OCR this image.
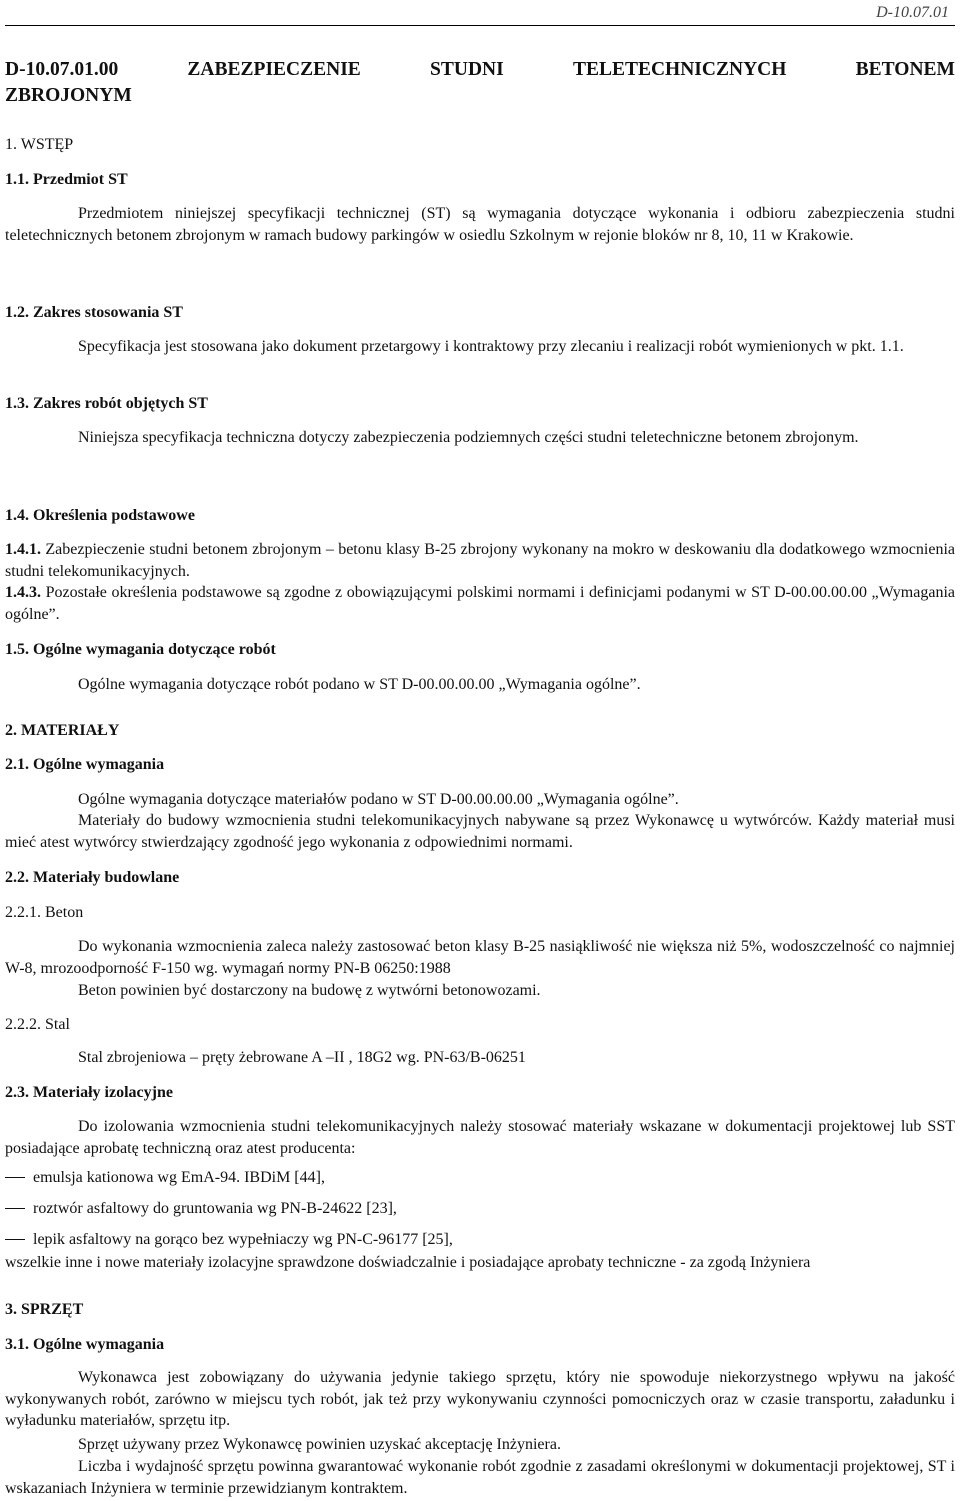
D-10.07.01
D-10.07.01.00	ZABEZPIECZENIE	STUDNI	TELETECHNICZNYCH	BETONEM
ZBROJONYM
1. WSTĘP
1.1. Przedmiot ST
Przedmiotem niniejszej specyfikacji technicznej (ST) są wymagania dotyczące wykonania i odbioru zabezpieczenia studni teletechnicznych betonem zbrojonym w ramach budowy parkingów w osiedlu Szkolnym w rejonie bloków nr 8, 10, 11 w Krakowie.
1.2. Zakres stosowania ST
Specyfikacja jest stosowana jako dokument przetargowy i kontraktowy przy zlecaniu i realizacji robót wymienionych w pkt. 1.1.
1.3. Zakres robót objętych ST
Niniejsza specyfikacja techniczna dotyczy zabezpieczenia podziemnych części studni teletechniczne betonem zbrojonym.
1.4. Określenia podstawowe
1.4.1. Zabezpieczenie studni betonem zbrojonym – betonu klasy B-25 zbrojony wykonany na mokro w deskowaniu dla dodatkowego wzmocnienia studni telekomunikacyjnych.
1.4.3. Pozostałe określenia podstawowe są zgodne z obowiązującymi polskimi normami i definicjami podanymi w ST D-00.00.00.00 „Wymagania ogólne”.
1.5. Ogólne wymagania dotyczące robót
Ogólne wymagania dotyczące robót podano w ST D-00.00.00.00 „Wymagania ogólne”.
2. MATERIAŁY
2.1. Ogólne wymagania
Ogólne wymagania dotyczące materiałów podano w ST D-00.00.00.00 „Wymagania ogólne”.
Materiały do budowy wzmocnienia studni telekomunikacyjnych nabywane są przez Wykonawcę u wytwórców. Każdy materiał musi mieć atest wytwórcy stwierdzający zgodność jego wykonania z odpowiednimi normami.
2.2. Materiały budowlane
2.2.1. Beton
Do wykonania wzmocnienia zaleca należy zastosować beton klasy B-25 nasiąkliwość nie większa niż 5%, wodoszczelność co najmniej W-8, mrozoodporność F-150 wg. wymagań normy PN-B 06250:1988
Beton powinien być dostarczony na budowę z wytwórni betonowozami.
2.2.2. Stal
Stal zbrojeniowa – pręty żebrowane A –II , 18G2 wg. PN-63/B-06251
2.3. Materiały izolacyjne
Do izolowania wzmocnienia studni telekomunikacyjnych należy stosować materiały wskazane w dokumentacji projektowej lub SST posiadające aprobatę techniczną oraz atest producenta:
emulsja kationowa wg EmA-94. IBDiM [44],
roztwór asfaltowy do gruntowania wg PN-B-24622 [23],
lepik asfaltowy na gorąco bez wypełniaczy wg PN-C-96177 [25],
wszelkie inne i nowe materiały izolacyjne sprawdzone doświadczalnie i posiadające aprobaty techniczne - za zgodą Inżyniera
3. SPRZĘT
3.1. Ogólne wymagania
Wykonawca jest zobowiązany do używania jedynie takiego sprzętu, który nie spowoduje niekorzystnego wpływu na jakość wykonywanych robót, zarówno w miejscu tych robót, jak też przy wykonywaniu czynności pomocniczych oraz w czasie transportu, załadunku i wyładunku materiałów, sprzętu itp.
Sprzęt używany przez Wykonawcę powinien uzyskać akceptację Inżyniera.
Liczba i wydajność sprzętu powinna gwarantować wykonanie robót zgodnie z zasadami określonymi w dokumentacji projektowej, ST i wskazaniach Inżyniera w terminie przewidzianym kontraktem.
